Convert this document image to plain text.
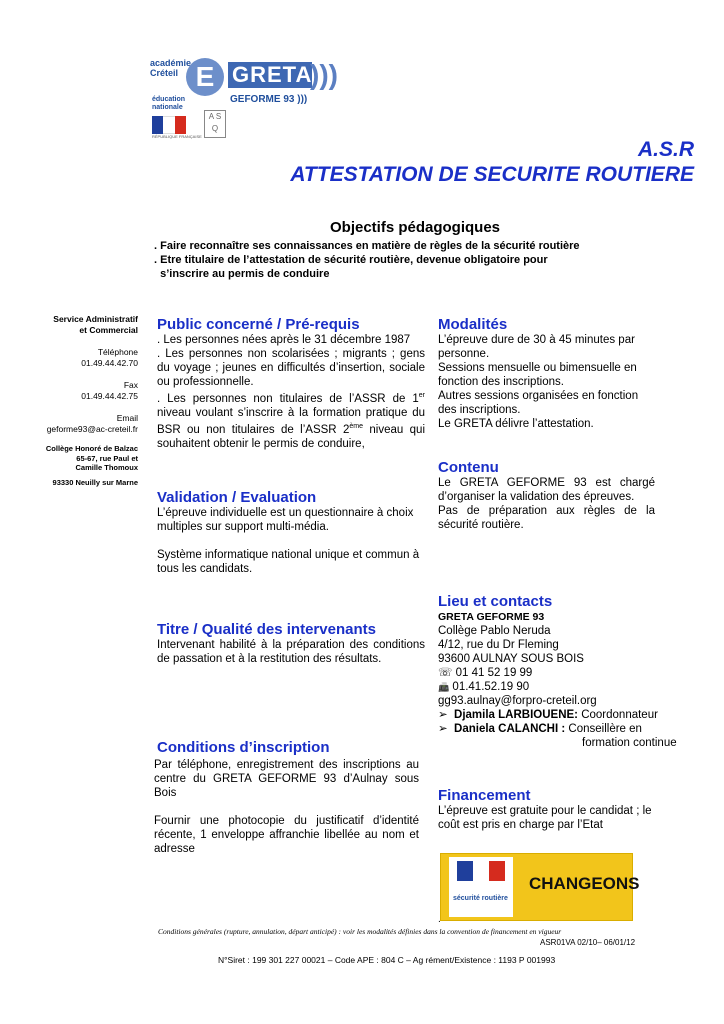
académie Créteil
éducation nationale
E GRETA
)))
GEFORME 93 )))
RÉPUBLIQUE FRANÇAISE
A S Q
A.S.R
ATTESTATION DE SECURITE ROUTIERE
Objectifs pédagogiques
. Faire reconnaître ses connaissances en matière de règles de la sécurité routière
. Etre titulaire de l’attestation de sécurité routière, devenue obligatoire pour
s’inscrire au permis de conduire
Service Administratif
et Commercial
Téléphone
01.49.44.42.70
Fax
01.49.44.42.75
Email
geforme93@ac-creteil.fr
Collège Honoré de Balzac
65-67, rue Paul et
Camille Thomoux
93330 Neuilly sur Marne
Public concerné / Pré-requis
. Les personnes nées après le 31 décembre 1987
. Les personnes non scolarisées ; migrants ; gens du voyage ; jeunes en difficultés d’insertion, sociale ou professionnelle.
. Les personnes non titulaires de l’ASSR de 1er niveau voulant s’inscrire à la formation pratique du BSR ou non titulaires de l’ASSR 2ème niveau qui souhaitent obtenir le permis de conduire,
Validation / Evaluation
L’épreuve individuelle est un questionnaire à choix multiples sur support multi-média.
Système informatique national unique et commun à tous les candidats.
Titre / Qualité des intervenants
Intervenant habilité à la préparation des conditions de passation et à la restitution des résultats.
Conditions d’inscription
Par téléphone, enregistrement des inscriptions au centre du GRETA GEFORME 93 d’Aulnay sous Bois
Fournir une photocopie du justificatif d’identité récente, 1 enveloppe affranchie libellée au nom et adresse
Modalités
L’épreuve dure de 30 à 45 minutes par personne.
Sessions mensuelle ou bimensuelle en fonction des inscriptions.
Autres sessions organisées en fonction des inscriptions.
Le GRETA délivre l’attestation.
Contenu
Le GRETA GEFORME 93 est chargé d’organiser la validation des épreuves.
Pas de préparation aux règles de la sécurité routière.
Lieu et contacts
GRETA GEFORME 93
Collège Pablo Neruda
4/12, rue du Dr Fleming
93600 AULNAY SOUS BOIS
☏ 01 41 52 19 99
📠 01.41.52.19 90
gg93.aulnay@forpro-creteil.org
➢ Djamila LARBIOUENE: Coordonnateur
➢ Daniela CALANCHI : Conseillère en
formation continue
Financement
L’épreuve est gratuite pour le candidat ; le coût est pris en charge par l’Etat
sécurité routière
CHANGEONS
.
Conditions générales (rupture, annulation, départ anticipé) : voir les modalités définies dans la convention de financement en vigueur
ASR01VA 02/10– 06/01/12
N°Siret : 199 301 227 00021 – Code APE : 804 C – Ag rément/Existence : 1193 P 001993
